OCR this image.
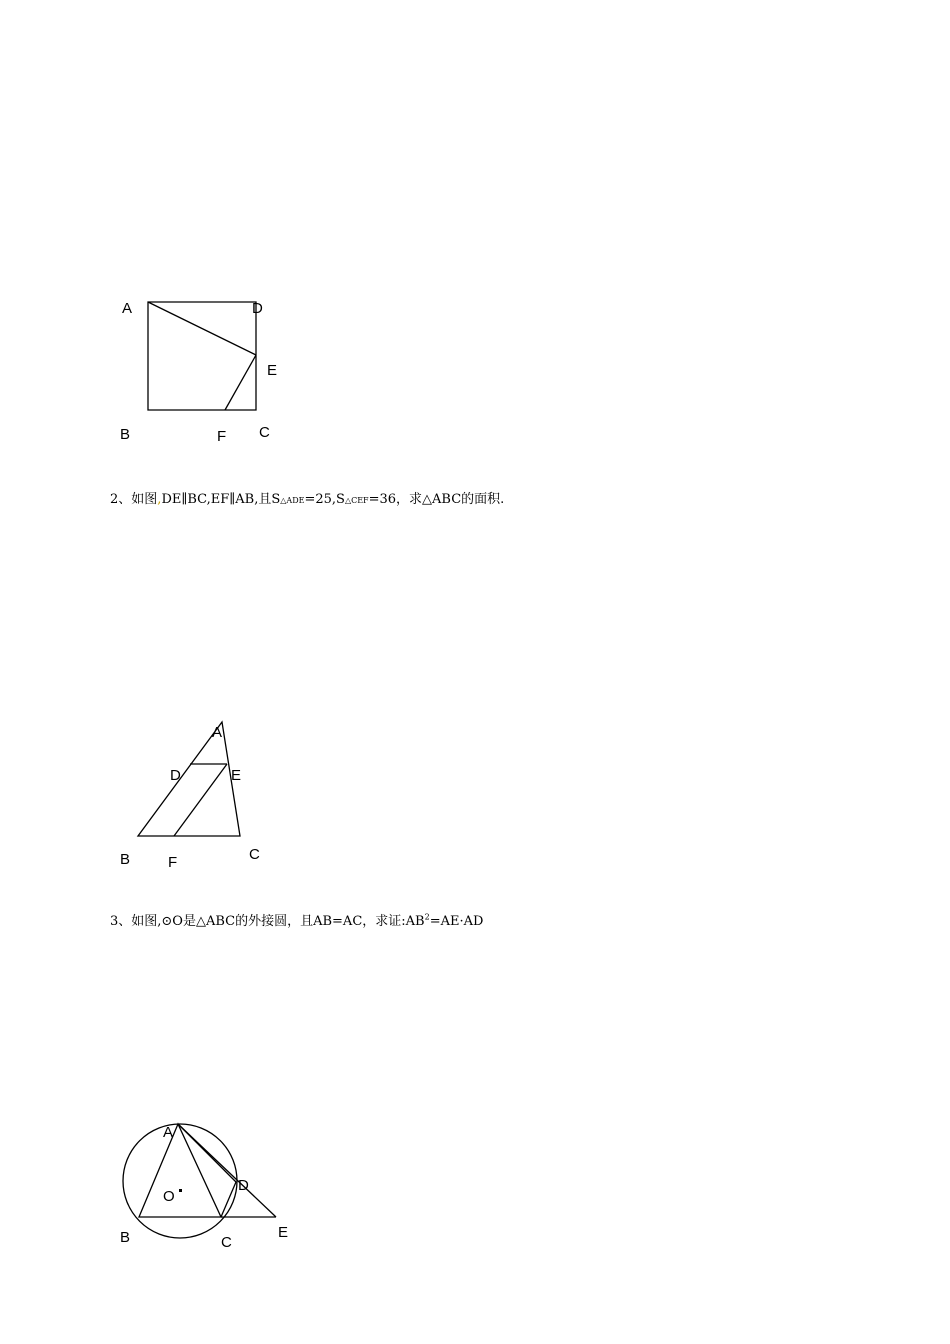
A	D
E
B	F C
2、如图,DE∥BC,EF∥AB,且S△ADE=25,S△CEF=36，求△ABC的面积.
A
D	E
B	F	C
3、如图,⊙O是△ABC的外接圆，且AB=AC，求证$:AB^2=AE\cdot AD$
A
O
D
B	C
E
